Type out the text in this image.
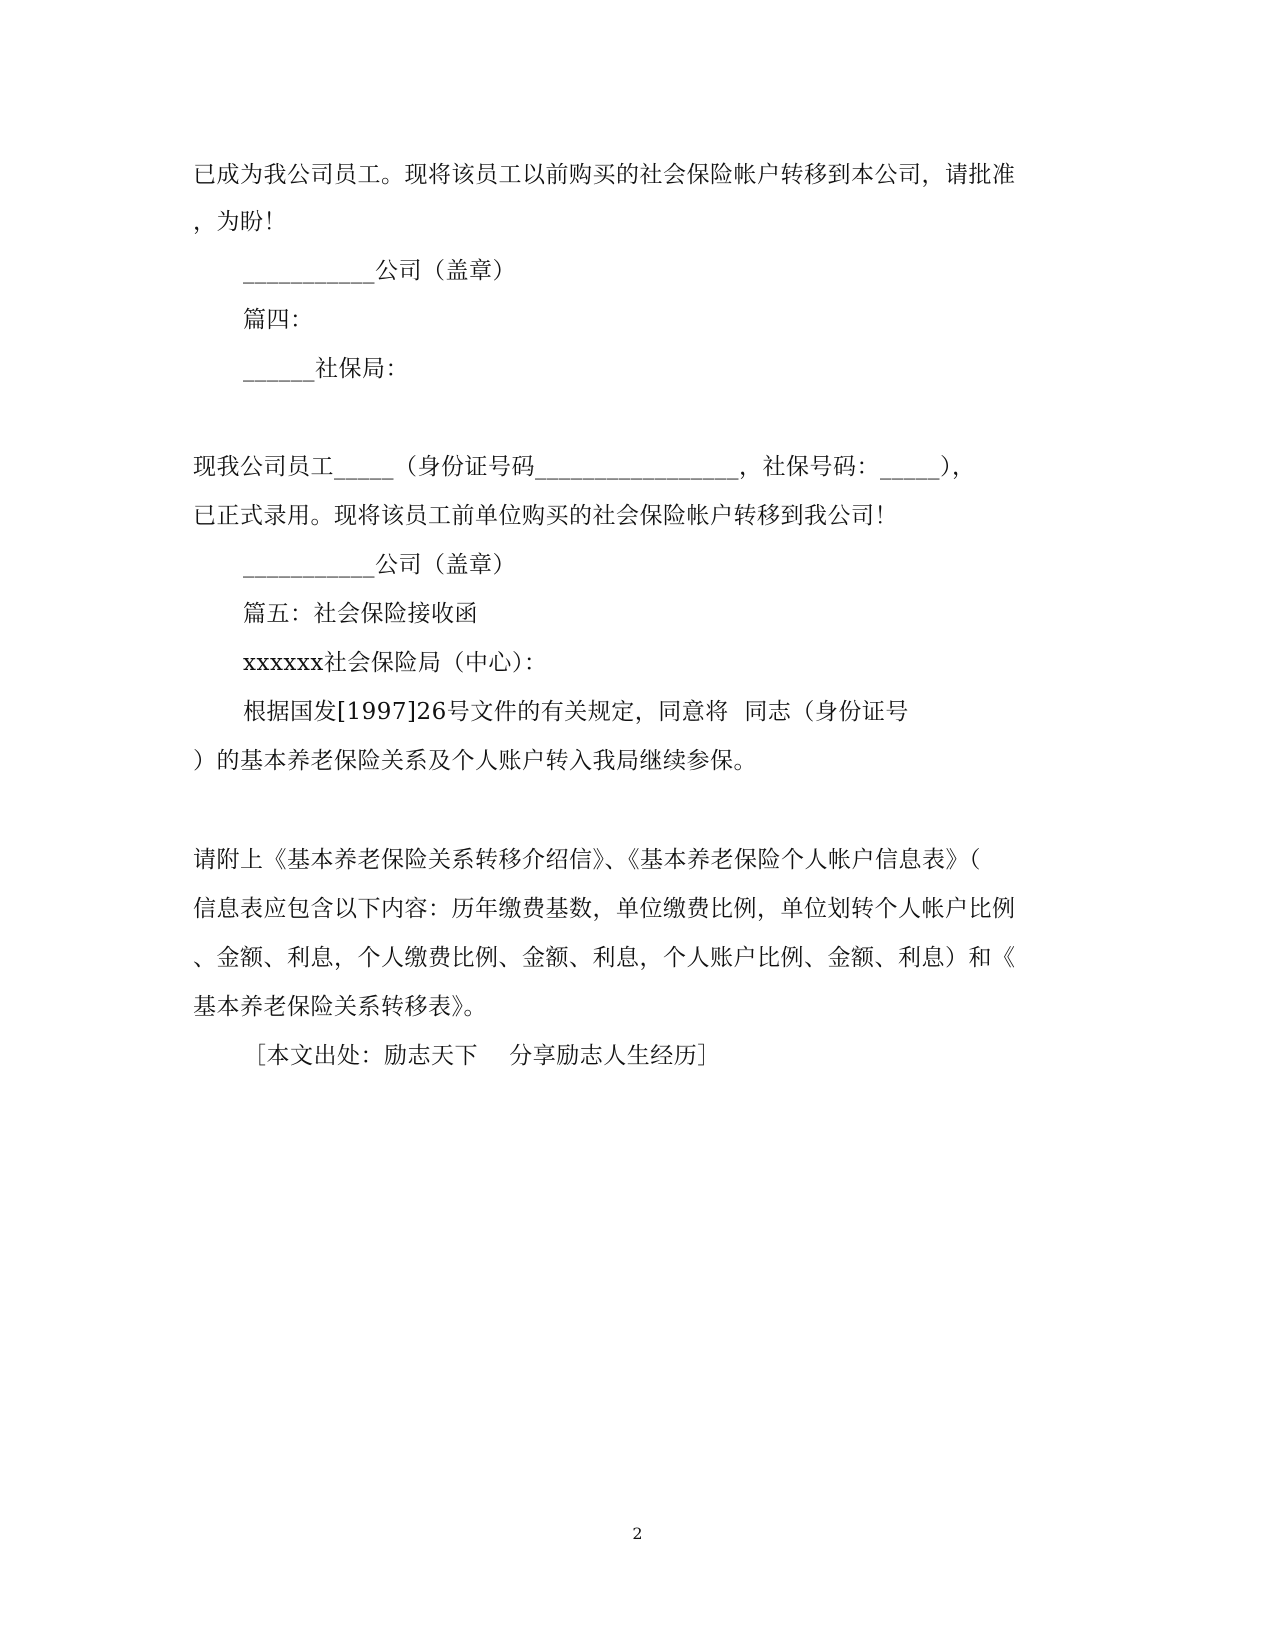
已成为我公司员工。现将该员工以前购买的社会保险帐户转移到本公司，请批准
，为盼！
___________公司（盖章）
篇四：
______社保局：
现我公司员工_____（身份证号码_________________，社保号码：_____），
已正式录用。现将该员工前单位购买的社会保险帐户转移到我公司！
___________公司（盖章）
篇五：社会保险接收函
xxxxxx社会保险局（中心）：
根据国发[1997]26号文件的有关规定，同意将  同志（身份证号
）的基本养老保险关系及个人账户转入我局继续参保。
请附上《基本养老保险关系转移介绍信》、《基本养老保险个人帐户信息表》（
信息表应包含以下内容：历年缴费基数，单位缴费比例，单位划转个人帐户比例
、金额、利息，个人缴费比例、金额、利息，个人账户比例、金额、利息）和《
基本养老保险关系转移表》。
［本文出处：励志天下    分享励志人生经历］
2
